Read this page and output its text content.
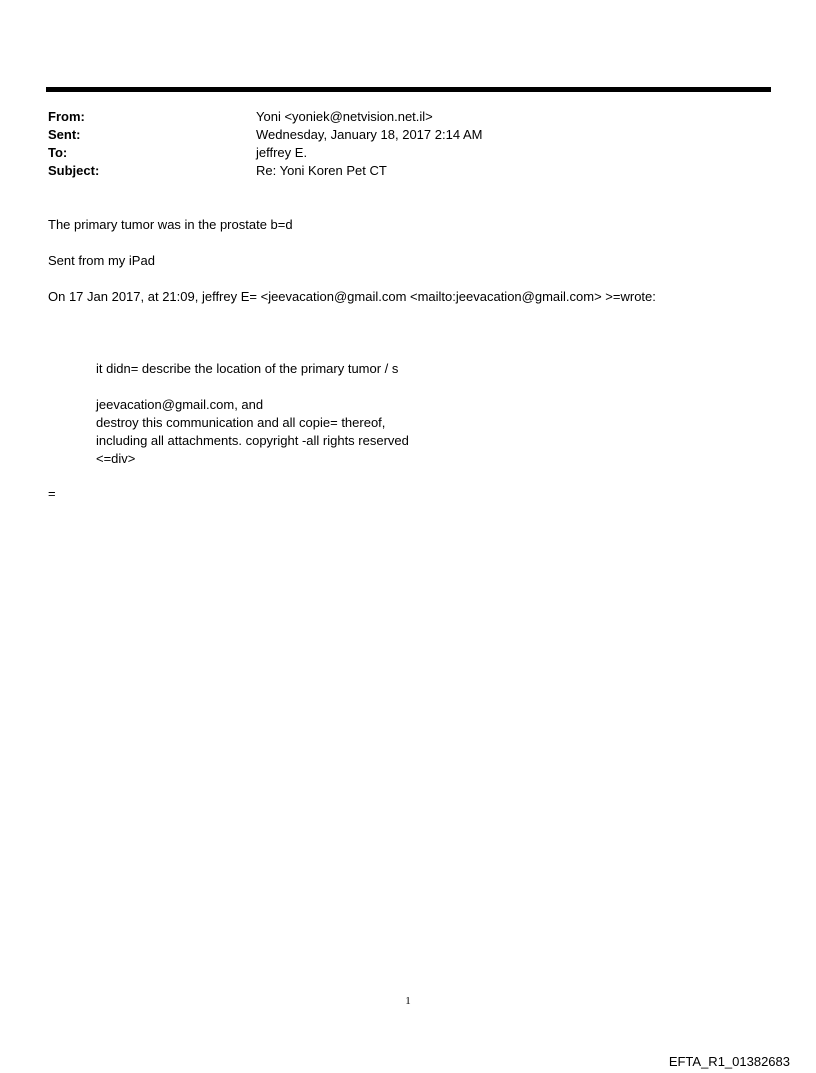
From:	Yoni <yoniek@netvision.net.il>
Sent:	Wednesday, January 18, 2017 2:14 AM
To:	jeffrey E.
Subject:	Re: Yoni Koren Pet CT
The primary tumor was in the prostate b=d
Sent from my iPad
On 17 Jan 2017, at 21:09, jeffrey E= <jeevacation@gmail.com <mailto:jeevacation@gmail.com> >=wrote:
it didn= describe the location of the primary tumor / s
jeevacation@gmail.com, and
destroy this communication and all copie= thereof,
including all attachments. copyright -all rights reserved
<=div>
=
1
EFTA_R1_01382683
